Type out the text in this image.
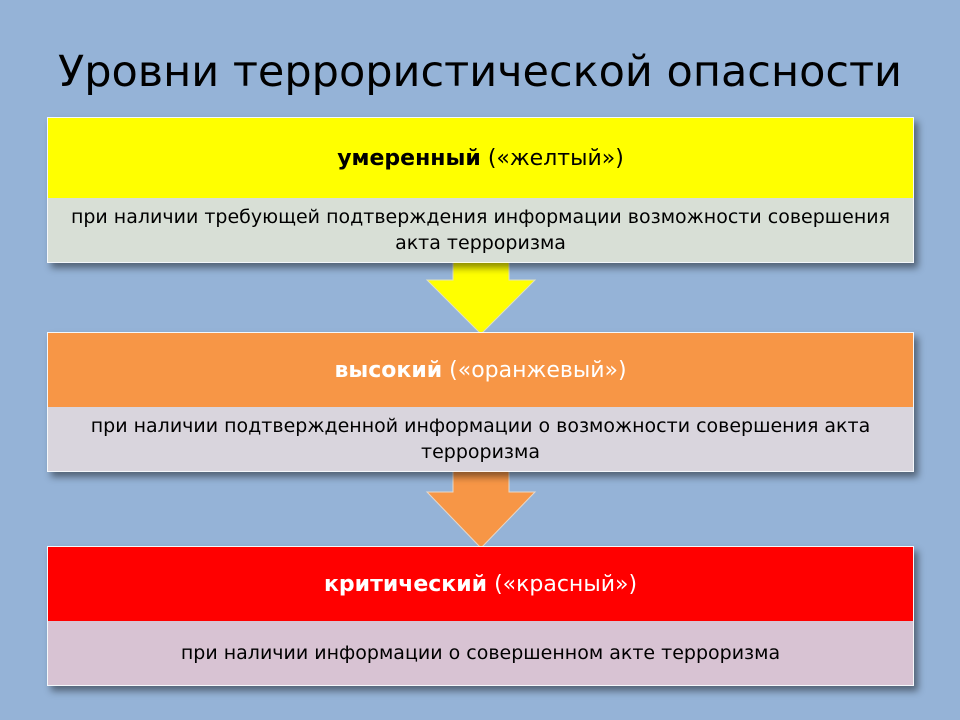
Уровни террористической опасности
умеренный
(«желтый»)
при наличии требующей подтверждения информации возможности совершения акта терроризма
высокий
(«оранжевый»)
при наличии подтвержденной информации о возможности совершения акта терроризма
критический
(«красный»)
при наличии информации о совершенном акте терроризма
